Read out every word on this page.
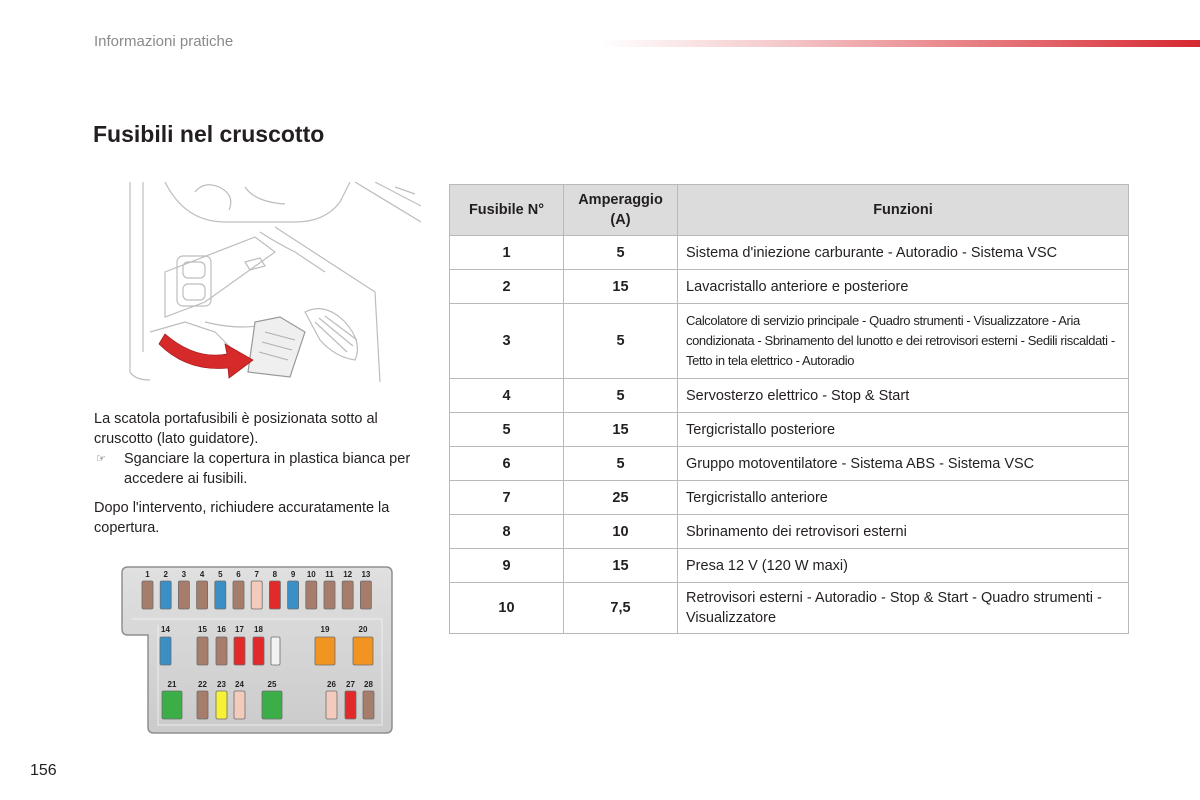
Informazioni pratiche
Fusibili nel cruscotto

La scatola portafusibili è posizionata sotto al cruscotto (lato guidatore).

☞	Sganciare la copertura in plastica bianca per accedere ai fusibili.

Dopo l'intervento, richiudere accuratamente la copertura.

1 2 3 4 5 6 7 8 9 10 11 12 13
14	15 16 17 18	19	20
21	22 23 24	25	26 27 28
Fusibile N°	Amperaggio (A)	Funzioni
1	5	Sistema d'iniezione carburante - Autoradio - Sistema VSC
2	15	Lavacristallo anteriore e posteriore
3	5	Calcolatore di servizio principale - Quadro strumenti - Visualizzatore - Aria condizionata - Sbrinamento del lunotto e dei retrovisori esterni - Sedili riscaldati - Tetto in tela elettrico - Autoradio
4	5	Servosterzo elettrico - Stop & Start
5	15	Tergicristallo posteriore
6	5	Gruppo motoventilatore - Sistema ABS - Sistema VSC
7	25	Tergicristallo anteriore
8	10	Sbrinamento dei retrovisori esterni
9	15	Presa 12 V (120 W maxi)
10	7,5	Retrovisori esterni - Autoradio - Stop & Start - Quadro strumenti - Visualizzatore
156
